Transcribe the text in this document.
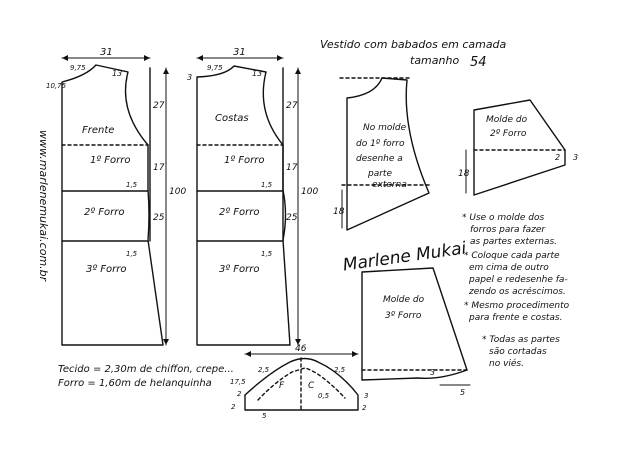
Vestido com babados em camada
tamanho 54
www.marlenemukai.com.br
31
9,75
13
10,75
Frente
1º Forro
2º Forro
3º Forro
27
17
1,5
25
1,5
100
31
9,75
13
3
Costas
1º Forro
2º Forro
3º Forro
27
17
1,5
25
1,5
100
No molde
do 1º forro
desenhe a
parte
externa
18
Marlene Mukai
Molde do
2º Forro
18
2 3
* Use o molde dos
forros para fazer
as partes externas.
* Coloque cada parte
em cima de outro
papel e redesenhe fa-
zendo os acréscimos.
* Mesmo procedimento
para frente e costas.
* Todas as partes
são cortadas
no viés.
Molde do
3º Forro
3
5
Tecido = 2,30m de chiffon, crepe...
Forro = 1,60m de helanquinha
46
F	C
2,5	2,5
17,5
0,5
2
2
5
3
2
